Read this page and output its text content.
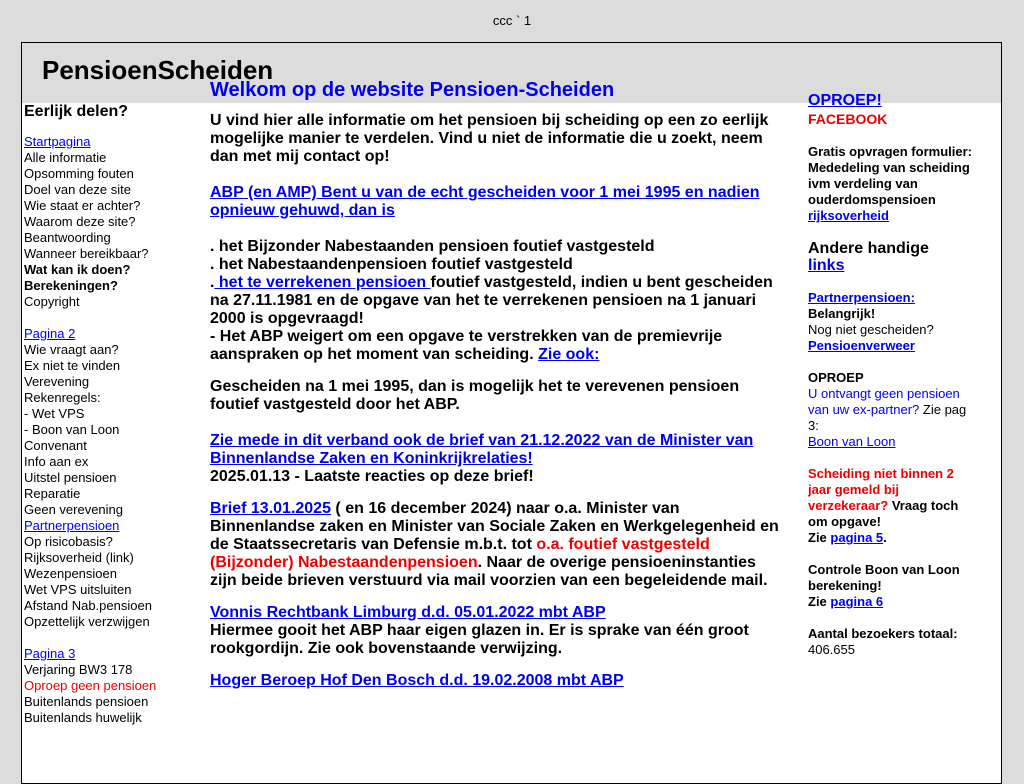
ccc ` 1
PensioenScheiden
Eerlijk delen?
Startpagina
Alle informatie
Opsomming fouten
Doel van deze site
Wie staat er achter?
Waarom deze site?
Beantwoording
Wanneer bereikbaar?
Wat kan ik doen?
Berekeningen?
Copyright
Pagina 2
Wie vraagt aan?
Ex niet te vinden
Verevening
Rekenregels:
- Wet VPS
- Boon van Loon
Convenant
Info aan ex
Uitstel pensioen
Reparatie
Geen verevening
Partnerpensioen
Op risicobasis?
Rijksoverheid (link)
Wezenpensioen
Wet VPS uitsluiten
Afstand Nab.pensioen
Opzettelijk verzwijgen
Pagina 3
Verjaring BW3 178
Oproep geen pensioen
Buitenlands pensioen
Buitenlands huwelijk
Welkom op de website Pensioen-Scheiden

U vind hier alle informatie om het pensioen bij scheiding op een zo eerlijk mogelijke manier te verdelen. Vind u niet de informatie die u zoekt, neem dan met mij contact op!

ABP (en AMP) Bent u van de echt gescheiden voor 1 mei 1995 en nadien opnieuw gehuwd, dan is

. het Bijzonder Nabestaanden pensioen foutief vastgesteld
. het Nabestaandenpensioen foutief vastgesteld
. het te verrekenen pensioen foutief vastgesteld, indien u bent gescheiden na 27.11.1981 en de opgave van het te verrekenen pensioen na 1 januari 2000 is opgevraagd!
- Het ABP weigert om een opgave te verstrekken van de premievrije aanspraken op het moment van scheiding. Zie ook:

Gescheiden na 1 mei 1995, dan is mogelijk het te verevenen pensioen foutief vastgesteld door het ABP.

Zie mede in dit verband ook de brief van 21.12.2022 van de Minister van Binnenlandse Zaken en Koninkrijkrelaties!
2025.01.13 - Laatste reacties op deze brief!

Brief 13.01.2025 ( en 16 december 2024) naar o.a. Minister van Binnenlandse zaken en Minister van Sociale Zaken en Werkgelegenheid en de Staatssecretaris van Defensie m.b.t. tot o.a. foutief vastgesteld (Bijzonder) Nabestaandenpensioen. Naar de overige pensioeninstanties zijn beide brieven verstuurd via mail voorzien van een begeleidende mail.

Vonnis Rechtbank Limburg d.d. 05.01.2022 mbt ABP
Hiermee gooit het ABP haar eigen glazen in. Er is sprake van één groot rookgordijn. Zie ook bovenstaande verwijzing.

Hoger Beroep Hof Den Bosch d.d. 19.02.2008 mbt ABP

OPROEP!
FACEBOOK
Gratis opvragen formulier: Mededeling van scheiding ivm verdeling van ouderdomspensioen
rijksoverheid
Andere handige
links
Partnerpensioen:
Belangrijk!
Nog niet gescheiden?
Pensioenverweer
OPROEP
U ontvangt geen pensioen van uw ex-partner? Zie pag 3:
Boon van Loon
Scheiding niet binnen 2 jaar gemeld bij verzekeraar? Vraag toch om opgave!
Zie pagina 5.
Controle Boon van Loon berekening!
Zie pagina 6
Aantal bezoekers totaal: 406.655
